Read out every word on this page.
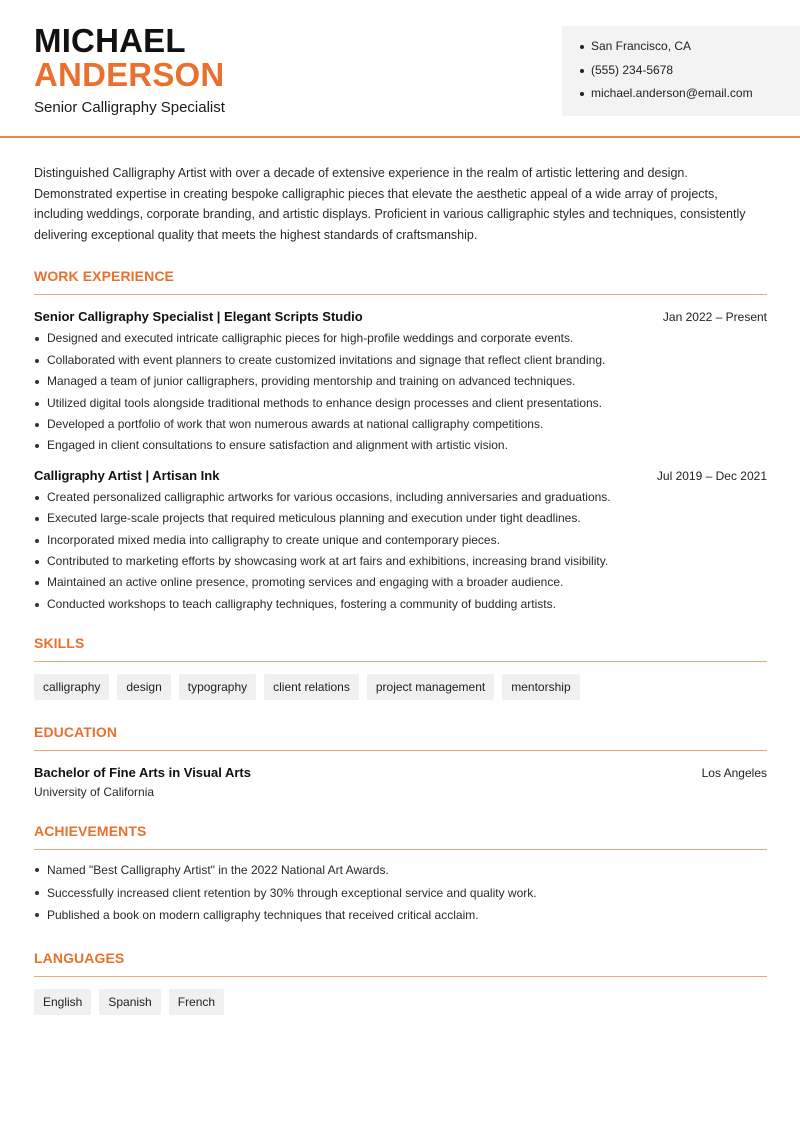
MICHAEL
ANDERSON
Senior Calligraphy Specialist
San Francisco, CA
(555) 234-5678
michael.anderson@email.com

Distinguished Calligraphy Artist with over a decade of extensive experience in the realm of artistic lettering and design. Demonstrated expertise in creating bespoke calligraphic pieces that elevate the aesthetic appeal of a wide array of projects, including weddings, corporate branding, and artistic displays. Proficient in various calligraphic styles and techniques, consistently delivering exceptional quality that meets the highest standards of craftsmanship.

WORK EXPERIENCE
Senior Calligraphy Specialist | Elegant Scripts Studio	Jan 2022 – Present
Designed and executed intricate calligraphic pieces for high-profile weddings and corporate events.
Collaborated with event planners to create customized invitations and signage that reflect client branding.
Managed a team of junior calligraphers, providing mentorship and training on advanced techniques.
Utilized digital tools alongside traditional methods to enhance design processes and client presentations.
Developed a portfolio of work that won numerous awards at national calligraphy competitions.
Engaged in client consultations to ensure satisfaction and alignment with artistic vision.
Calligraphy Artist | Artisan Ink	Jul 2019 – Dec 2021
Created personalized calligraphic artworks for various occasions, including anniversaries and graduations.
Executed large-scale projects that required meticulous planning and execution under tight deadlines.
Incorporated mixed media into calligraphy to create unique and contemporary pieces.
Contributed to marketing efforts by showcasing work at art fairs and exhibitions, increasing brand visibility.
Maintained an active online presence, promoting services and engaging with a broader audience.
Conducted workshops to teach calligraphy techniques, fostering a community of budding artists.
SKILLS
calligraphy	design	typography	client relations	project management	mentorship
EDUCATION
Bachelor of Fine Arts in Visual Arts	Los Angeles
University of California
ACHIEVEMENTS
Named "Best Calligraphy Artist" in the 2022 National Art Awards.
Successfully increased client retention by 30% through exceptional service and quality work.
Published a book on modern calligraphy techniques that received critical acclaim.
LANGUAGES
English	Spanish	French
